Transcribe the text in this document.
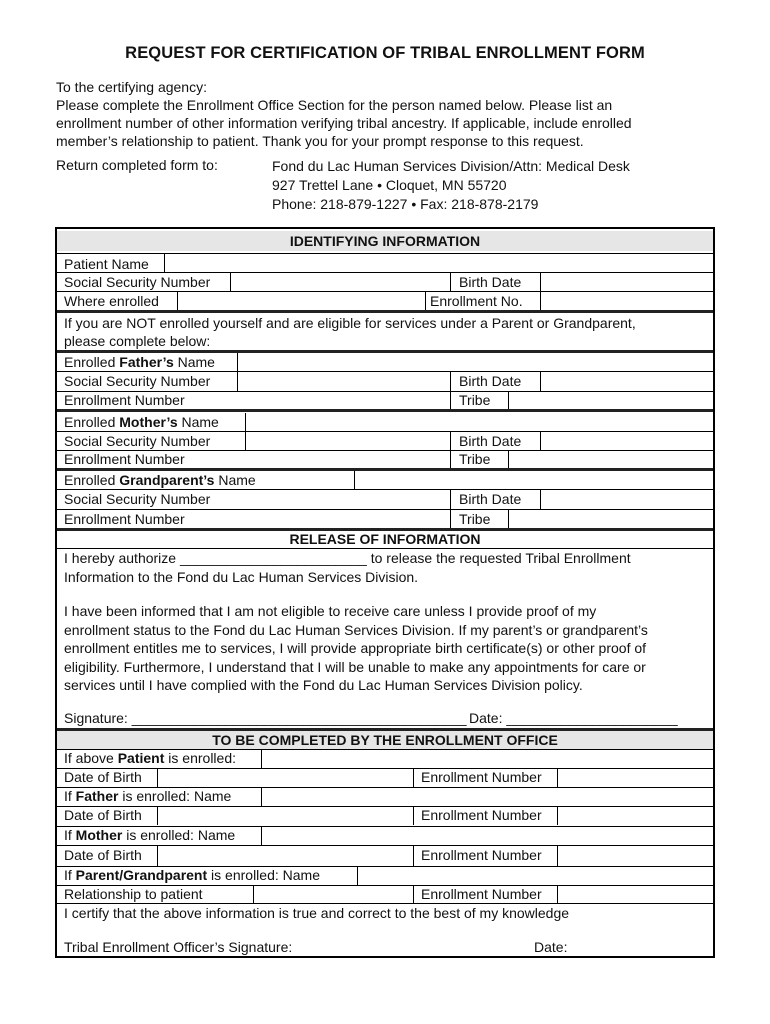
REQUEST FOR CERTIFICATION OF TRIBAL ENROLLMENT FORM
To the certifying agency:
Please complete the Enrollment Office Section for the person named below. Please list an
enrollment number of other information verifying tribal ancestry. If applicable, include enrolled
member’s relationship to patient. Thank you for your prompt response to this request.
Return completed form to:	Fond du Lac Human Services Division/Attn: Medical Desk
927 Trettel Lane • Cloquet, MN 55720
Phone: 218-879-1227 • Fax: 218-878-2179
IDENTIFYING INFORMATION
Patient Name
Social Security Number	Birth Date
Where enrolled	Enrollment No.
If you are NOT enrolled yourself and are eligible for services under a Parent or Grandparent,
please complete below:
Enrolled Father’s Name
Social Security Number	Birth Date
Enrollment Number	Tribe
Enrolled Mother’s Name
Social Security Number	Birth Date
Enrollment Number	Tribe
Enrolled Grandparent’s Name
Social Security Number	Birth Date
Enrollment Number	Tribe
RELEASE OF INFORMATION
I hereby authorize ________________________ to release the requested Tribal Enrollment
Information to the Fond du Lac Human Services Division.
I have been informed that I am not eligible to receive care unless I provide proof of my
enrollment status to the Fond du Lac Human Services Division. If my parent’s or grandparent’s
enrollment entitles me to services, I will provide appropriate birth certificate(s) or other proof of
eligibility. Furthermore, I understand that I will be unable to make any appointments for care or
services until I have complied with the Fond du Lac Human Services Division policy.
Signature: ___________________________________________ Date: ______________________
TO BE COMPLETED BY THE ENROLLMENT OFFICE
If above Patient is enrolled:
Date of Birth	Enrollment Number
If Father is enrolled: Name
Date of Birth	Enrollment Number
If Mother is enrolled: Name
Date of Birth	Enrollment Number
If Parent/Grandparent is enrolled: Name
Relationship to patient	Enrollment Number
I certify that the above information is true and correct to the best of my knowledge
Tribal Enrollment Officer’s Signature:	Date:
